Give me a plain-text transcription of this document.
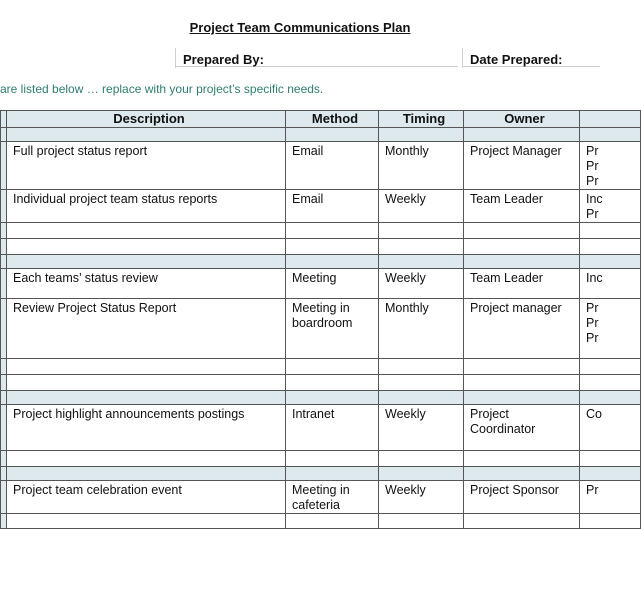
Project Team Communications Plan
Prepared By:	Date Prepared:
are listed below … replace with your project’s specific needs.
	Description	Method	Timing	Owner	

	Full project status report	Email	Monthly	Project Manager	Pr
Pr
Pr

	Individual project team status reports	Email	Weekly	Team Leader	Inc
Pr

	Each teams’ status review	Meeting	Weekly	Team Leader	Inc

	Review Project Status Report	Meeting in
boardroom	Monthly	Project manager	Pr
Pr
Pr

	Project highlight announcements postings	Intranet	Weekly	Project
Coordinator	Co

	Project team celebration event	Meeting in
cafeteria	Weekly	Project Sponsor	Pr
